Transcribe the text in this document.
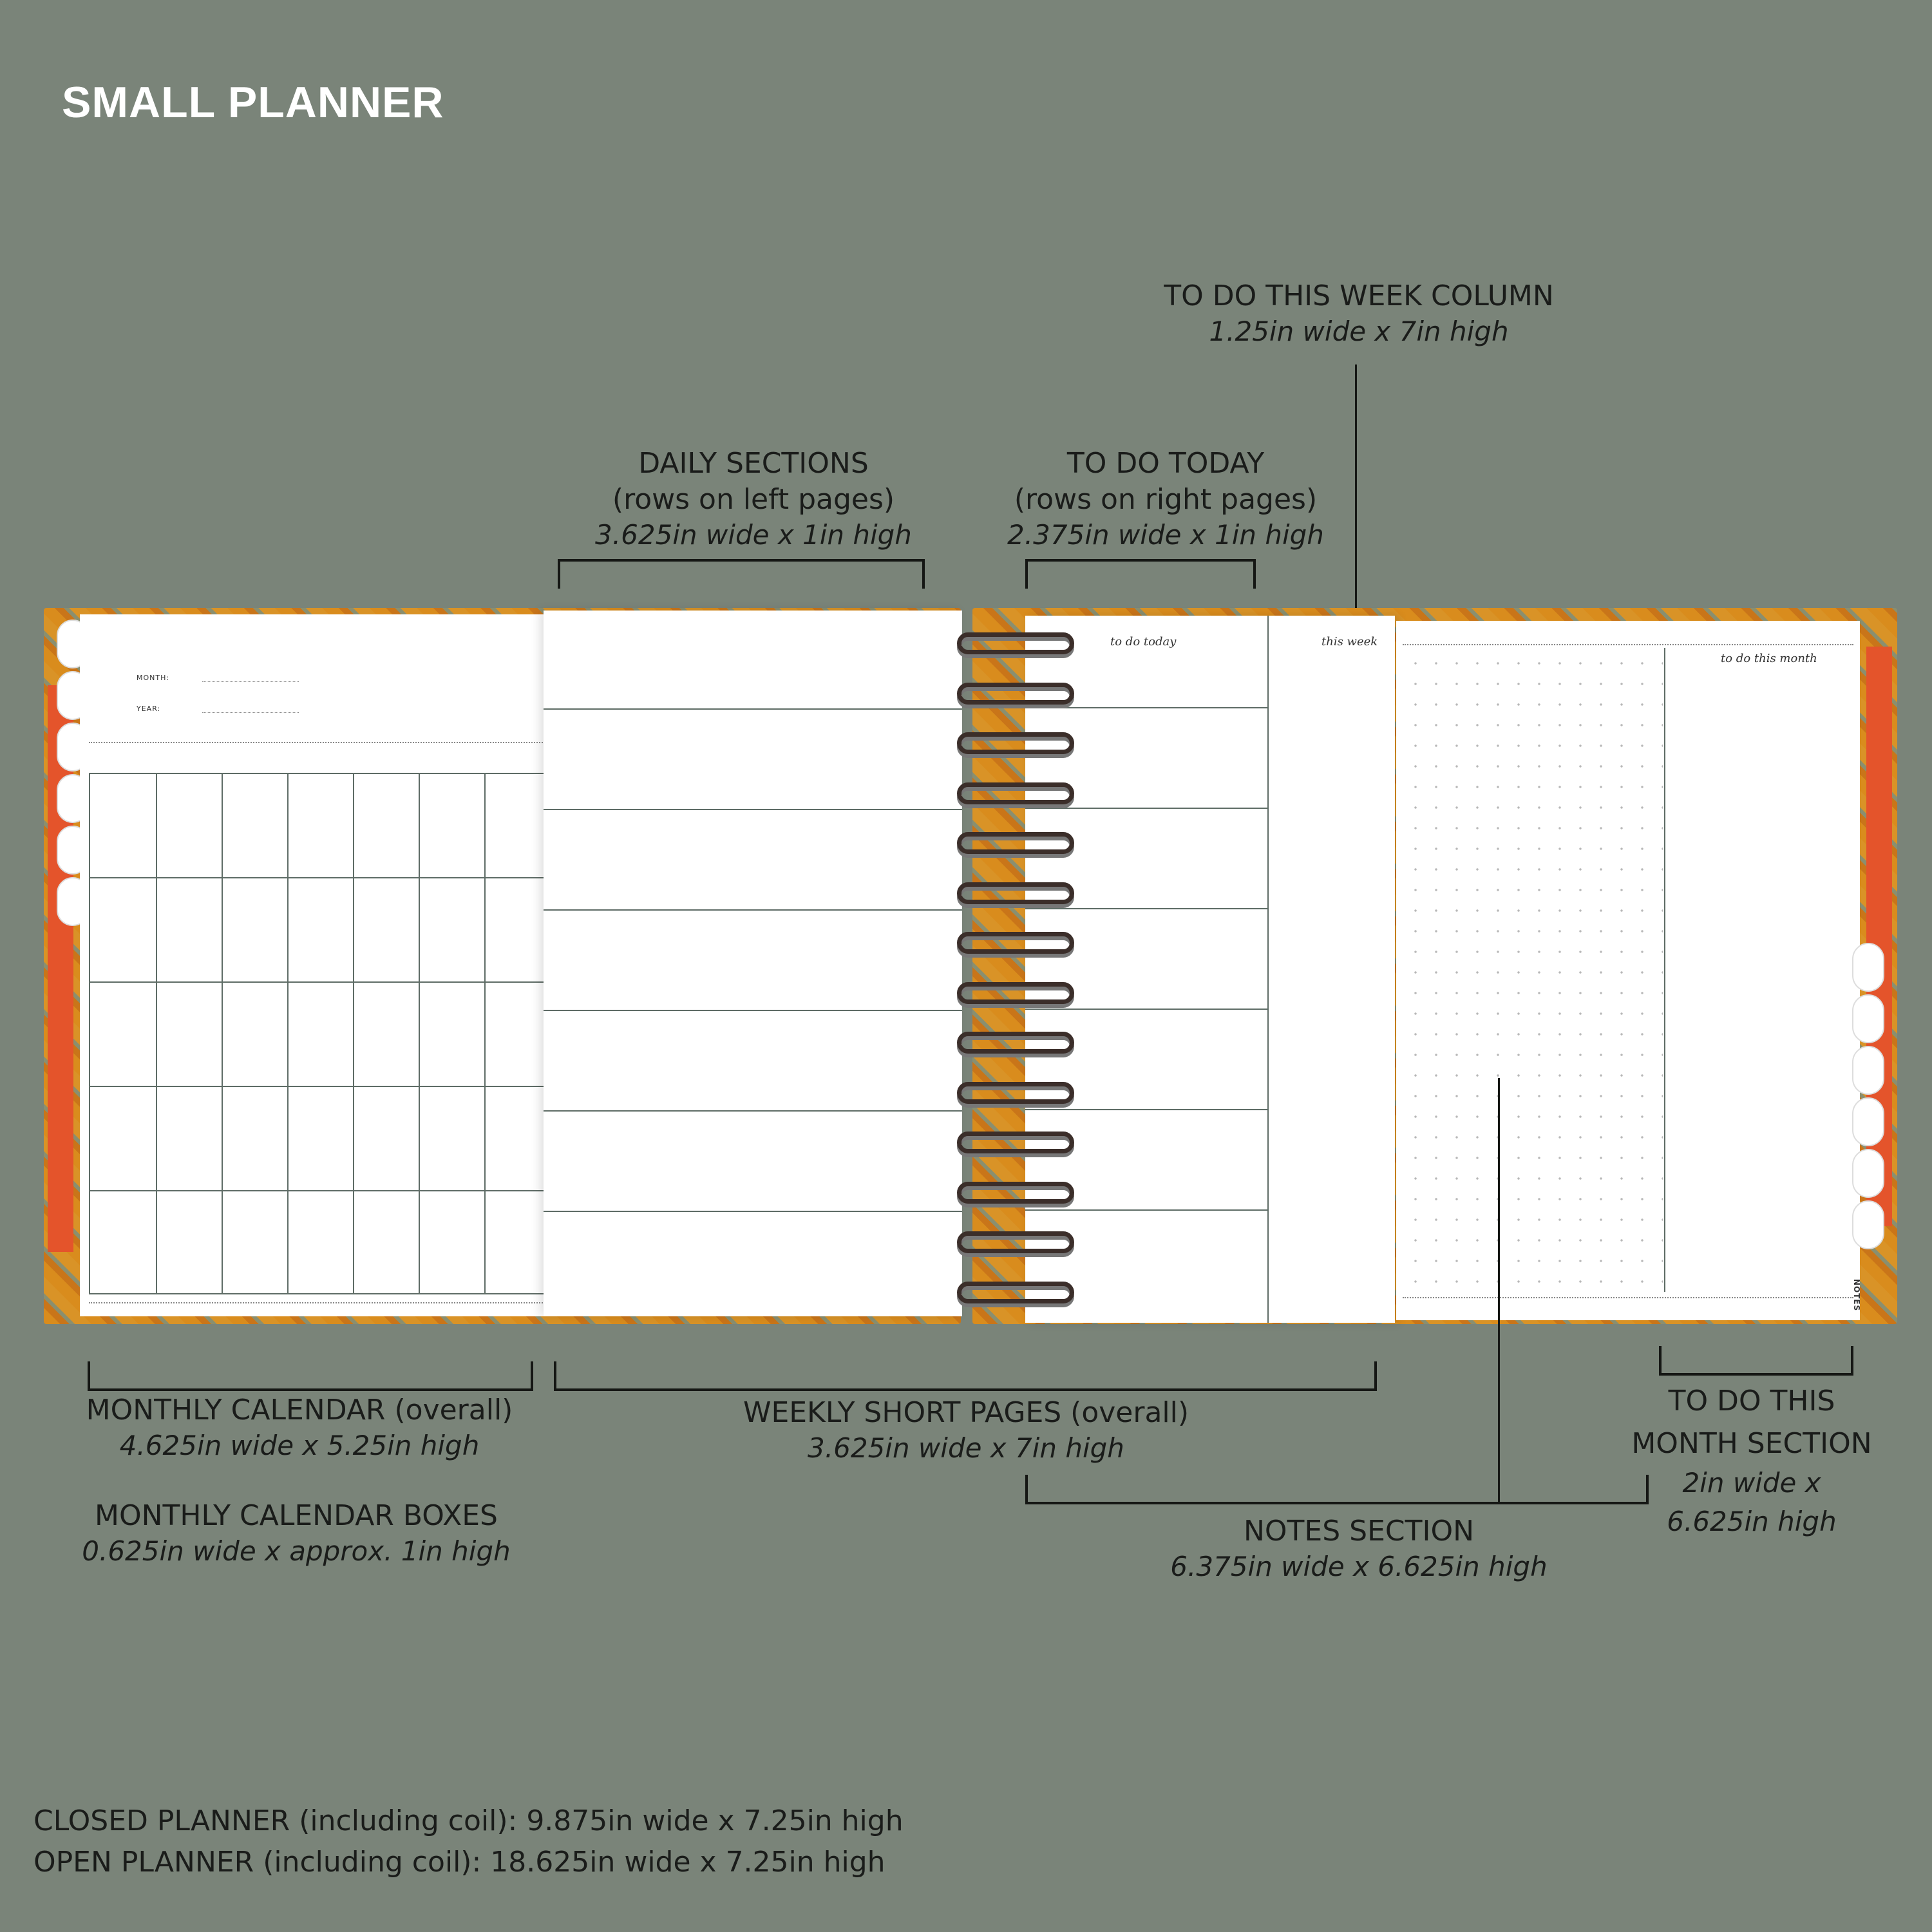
SMALL PLANNER
TO DO THIS WEEK COLUMN
1.25in wide x 7in high
DAILY SECTIONS
(rows on left pages)
3.625in wide x 1in high
TO DO TODAY
(rows on right pages)
2.375in wide x 1in high
MONTH:
YEAR:
to do today	this week
to do this month
NOTES
MONTHLY CALENDAR (overall)
4.625in wide x 5.25in high
MONTHLY CALENDAR BOXES
0.625in wide x approx. 1in high
WEEKLY SHORT PAGES (overall)
3.625in wide x 7in high
NOTES SECTION
6.375in wide x 6.625in high
TO DO THIS
MONTH SECTION
2in wide x
6.625in high
CLOSED PLANNER (including coil): 9.875in wide x 7.25in high
OPEN PLANNER (including coil): 18.625in wide x 7.25in high
